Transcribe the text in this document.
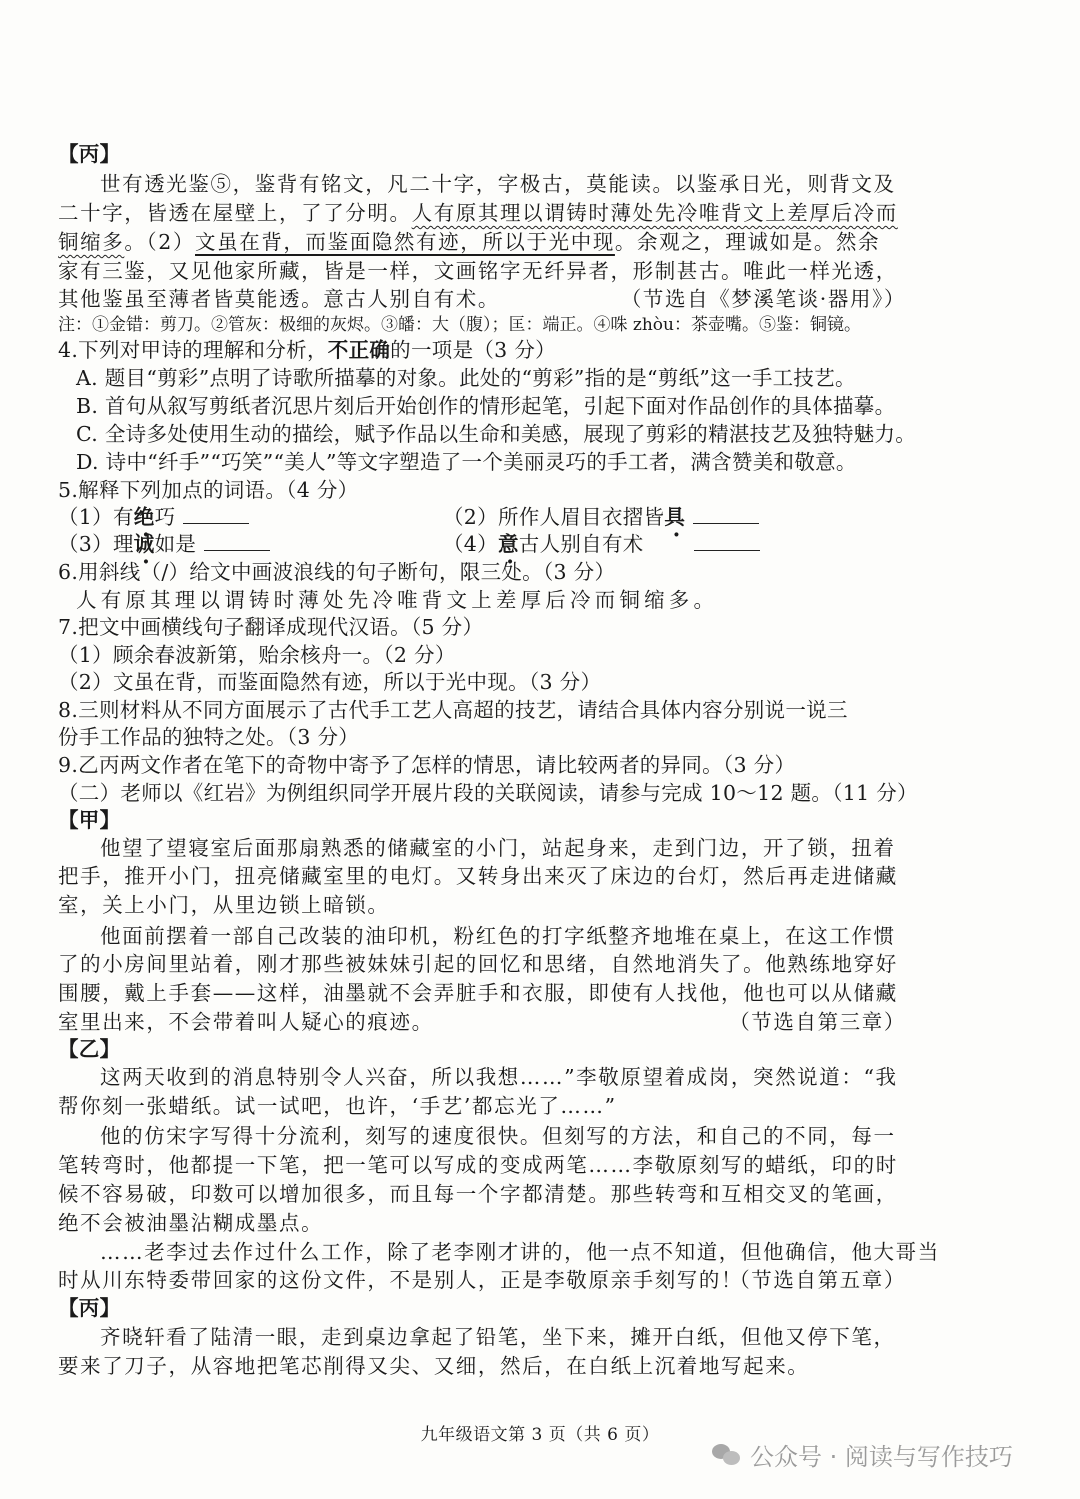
【丙】
世有透光鉴⑤，鉴背有铭文，凡二十字，字极古，莫能读。以鉴承日光，则背文及
二十字，皆透在屋壁上，了了分明。人有原其理以谓铸时薄处先冷唯背文上差厚后冷而
铜缩多。（2）文虽在背，而鉴面隐然有迹，所以于光中现。余观之，理诚如是。然余
家有三鉴，又见他家所藏，皆是一样，文画铭字无纤异者，形制甚古。唯此一样光透，
其他鉴虽至薄者皆莫能透。意古人别自有术。	（节选自《梦溪笔谈·器用》）
注：①金错：剪刀。②管灰：极细的灰烬。③皤：大（腹）；匡：端正。④咮 zhòu：茶壶嘴。⑤鉴：铜镜。
4.下列对甲诗的理解和分析，不正确的一项是（3 分）
A. 题目“剪彩”点明了诗歌所描摹的对象。此处的“剪彩”指的是“剪纸”这一手工技艺。
B. 首句从叙写剪纸者沉思片刻后开始创作的情形起笔，引起下面对作品创作的具体描摹。
C. 全诗多处使用生动的描绘，赋予作品以生命和美感，展现了剪彩的精湛技艺及独特魅力。
D. 诗中“纤手”“巧笑”“美人”等文字塑造了一个美丽灵巧的手工者，满含赞美和敬意。
5.解释下列加点的词语。（4 分）
（1）有绝巧	（2）所作人眉目衣摺皆具
（3）理诚如是	（4）意古人别自有术
6.用斜线（/）给文中画波浪线的句子断句，限三处。（3 分）
人有原其理以谓铸时薄处先冷唯背文上差厚后冷而铜缩多。
7.把文中画横线句子翻译成现代汉语。（5 分）
（1）顾余春波新第，贻余核舟一。（2 分）
（2）文虽在背，而鉴面隐然有迹，所以于光中现。（3 分）
8.三则材料从不同方面展示了古代手工艺人高超的技艺，请结合具体内容分别说一说三
份手工作品的独特之处。（3 分）
9.乙丙两文作者在笔下的奇物中寄予了怎样的情思，请比较两者的异同。（3 分）
（二）老师以《红岩》为例组织同学开展片段的关联阅读，请参与完成 10～12 题。（11 分）
【甲】
他望了望寝室后面那扇熟悉的储藏室的小门，站起身来，走到门边，开了锁，扭着
把手，推开小门，扭亮储藏室里的电灯。又转身出来灭了床边的台灯，然后再走进储藏
室，关上小门，从里边锁上暗锁。
他面前摆着一部自己改装的油印机，粉红色的打字纸整齐地堆在桌上，在这工作惯
了的小房间里站着，刚才那些被妹妹引起的回忆和思绪，自然地消失了。他熟练地穿好
围腰，戴上手套——这样，油墨就不会弄脏手和衣服，即使有人找他，他也可以从储藏
室里出来，不会带着叫人疑心的痕迹。	（节选自第三章）
【乙】
这两天收到的消息特别令人兴奋，所以我想……”李敬原望着成岗，突然说道：“我
帮你刻一张蜡纸。试一试吧，也许，‘手艺’都忘光了……”
他的仿宋字写得十分流利，刻写的速度很快。但刻写的方法，和自己的不同，每一
笔转弯时，他都提一下笔，把一笔可以写成的变成两笔……李敬原刻写的蜡纸，印的时
候不容易破，印数可以增加很多，而且每一个字都清楚。那些转弯和互相交叉的笔画，
绝不会被油墨沾糊成墨点。
……老李过去作过什么工作，除了老李刚才讲的，他一点不知道，但他确信，他大哥当
时从川东特委带回家的这份文件，不是别人，正是李敬原亲手刻写的！
（节选自第五章）
【丙】
齐晓轩看了陆清一眼，走到桌边拿起了铅笔，坐下来，摊开白纸，但他又停下笔，
要来了刀子，从容地把笔芯削得又尖、又细，然后，在白纸上沉着地写起来。
九年级语文第 3 页（共 6 页）
公众号 · 阅读与写作技巧
